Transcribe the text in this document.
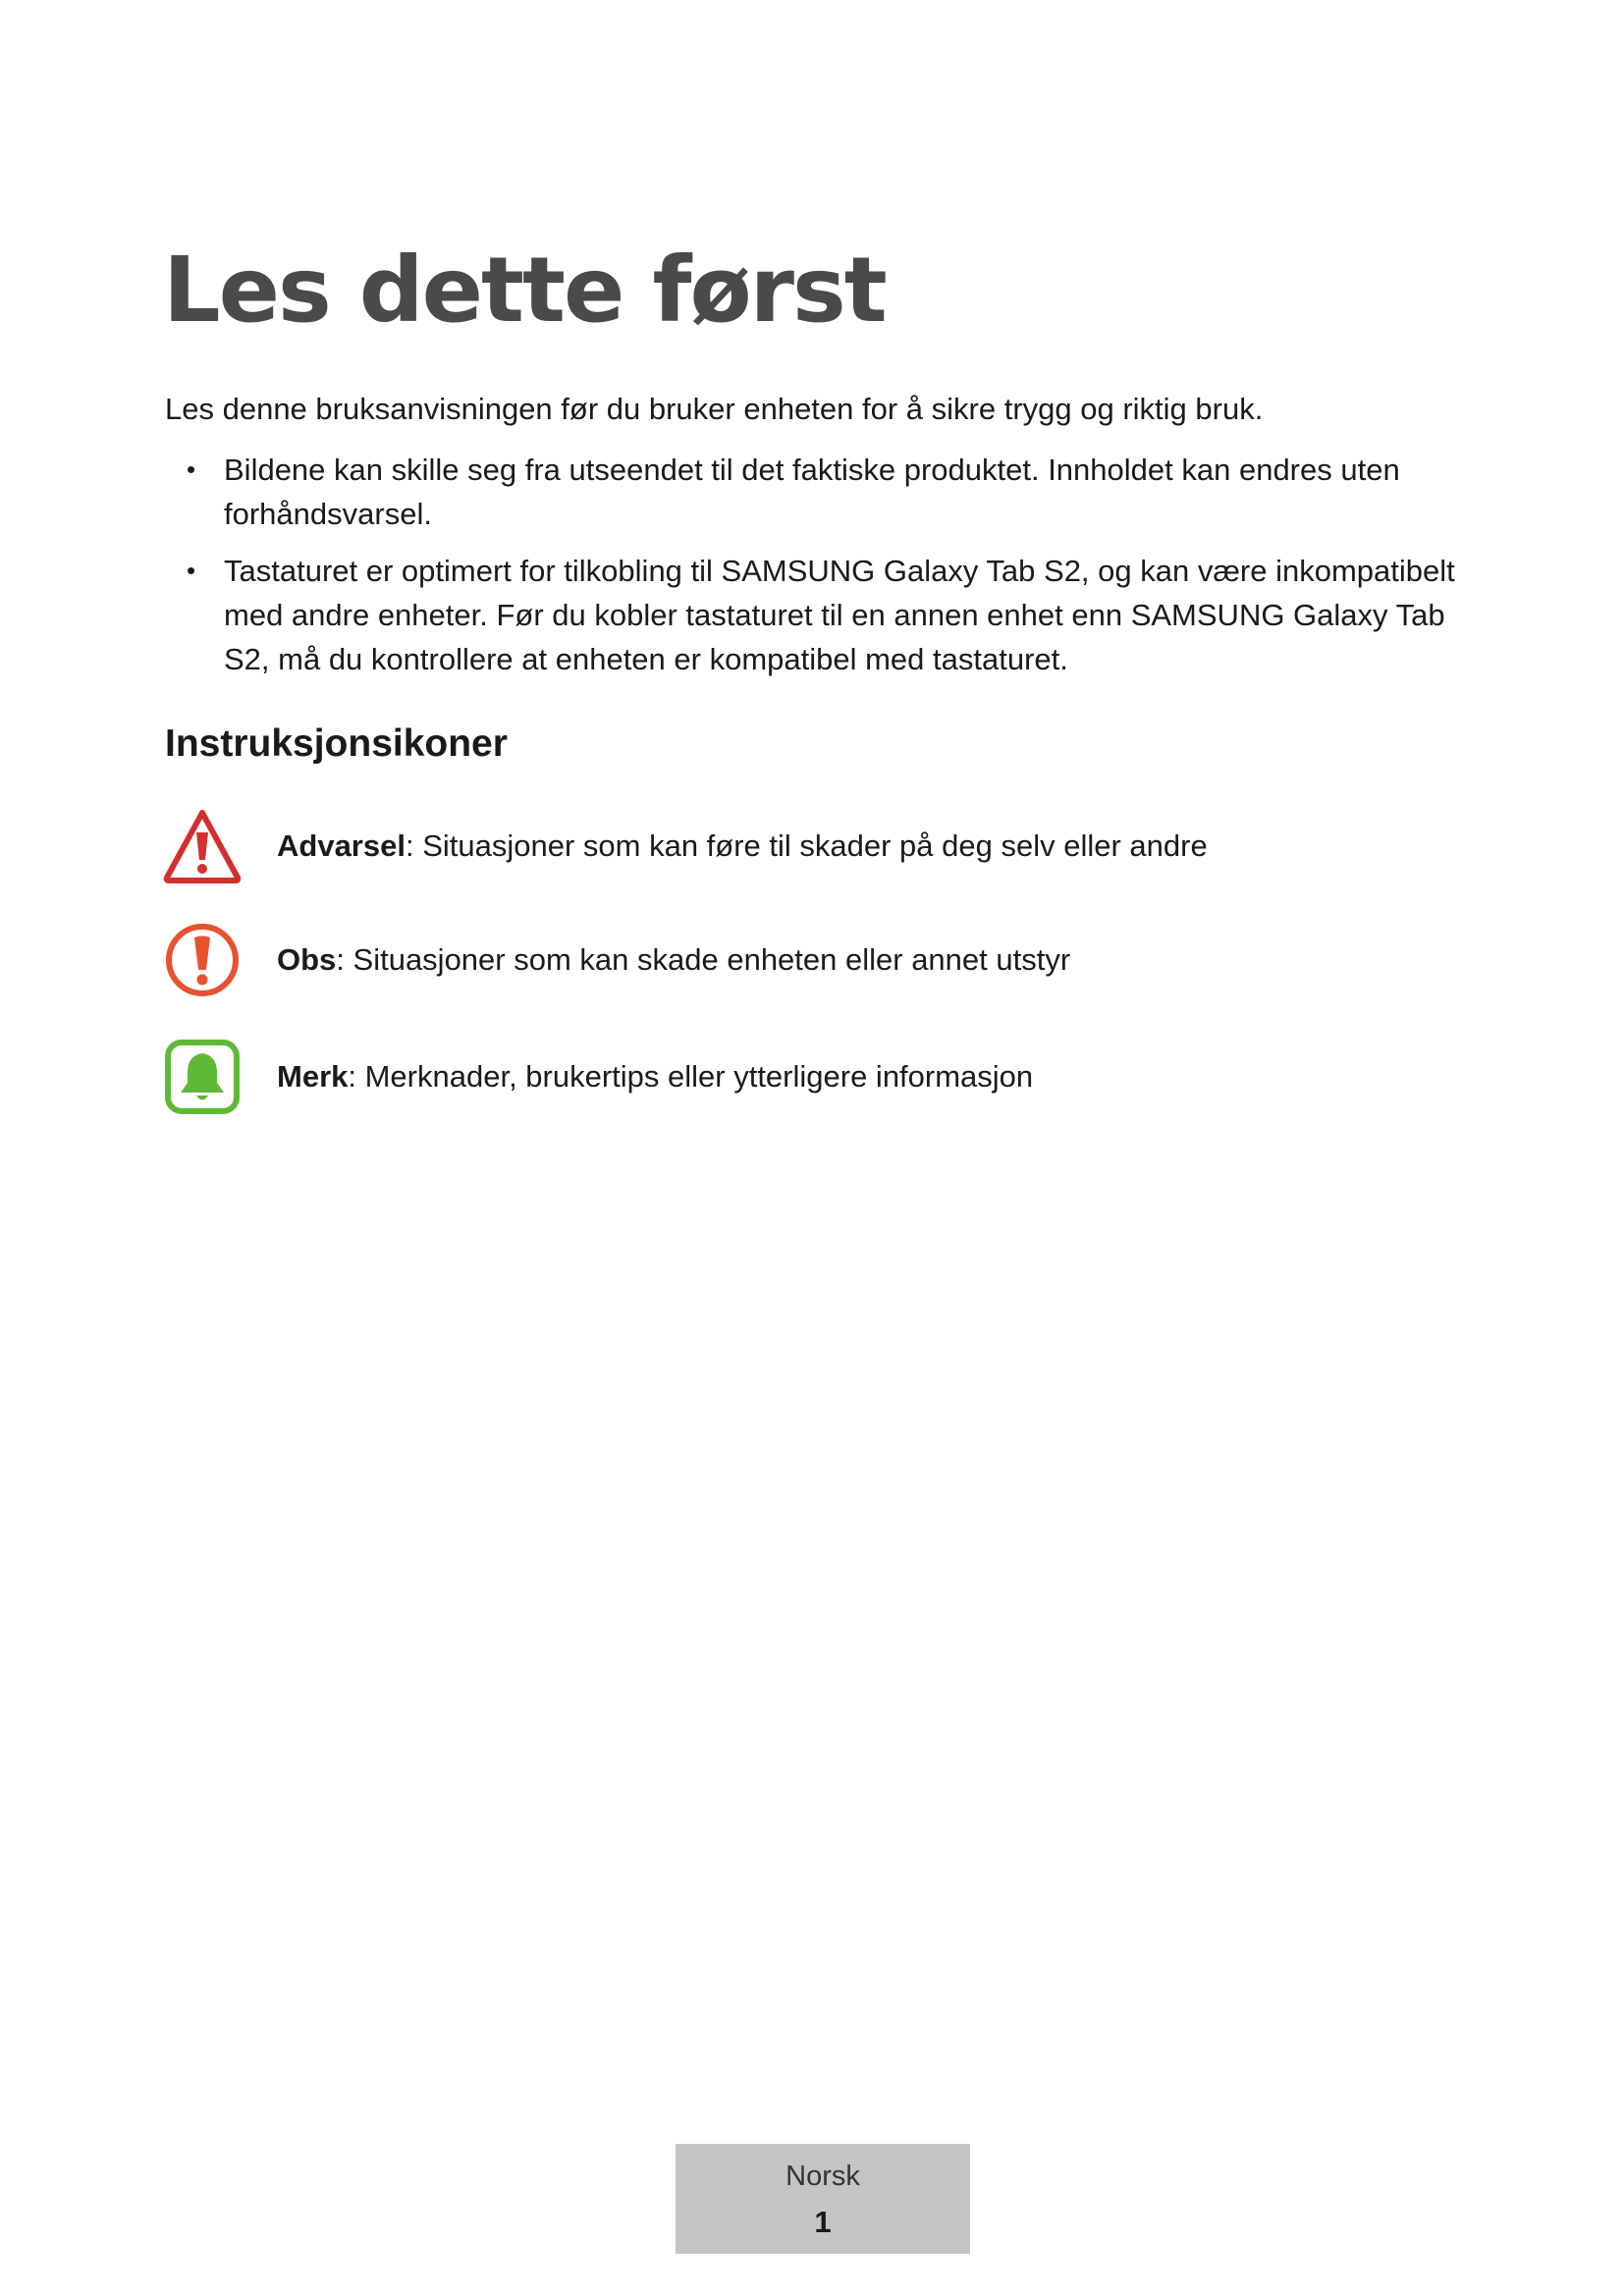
Les dette først

Les denne bruksanvisningen før du bruker enheten for å sikre trygg og riktig bruk.

• Bildene kan skille seg fra utseendet til det faktiske produktet. Innholdet kan endres uten forhåndsvarsel.
• Tastaturet er optimert for tilkobling til SAMSUNG Galaxy Tab S2, og kan være inkompatibelt med andre enheter. Før du kobler tastaturet til en annen enhet enn SAMSUNG Galaxy Tab S2, må du kontrollere at enheten er kompatibel med tastaturet.
Instruksjonsikoner
Advarsel: Situasjoner som kan føre til skader på deg selv eller andre
Obs: Situasjoner som kan skade enheten eller annet utstyr
Merk: Merknader, brukertips eller ytterligere informasjon
Norsk
1
